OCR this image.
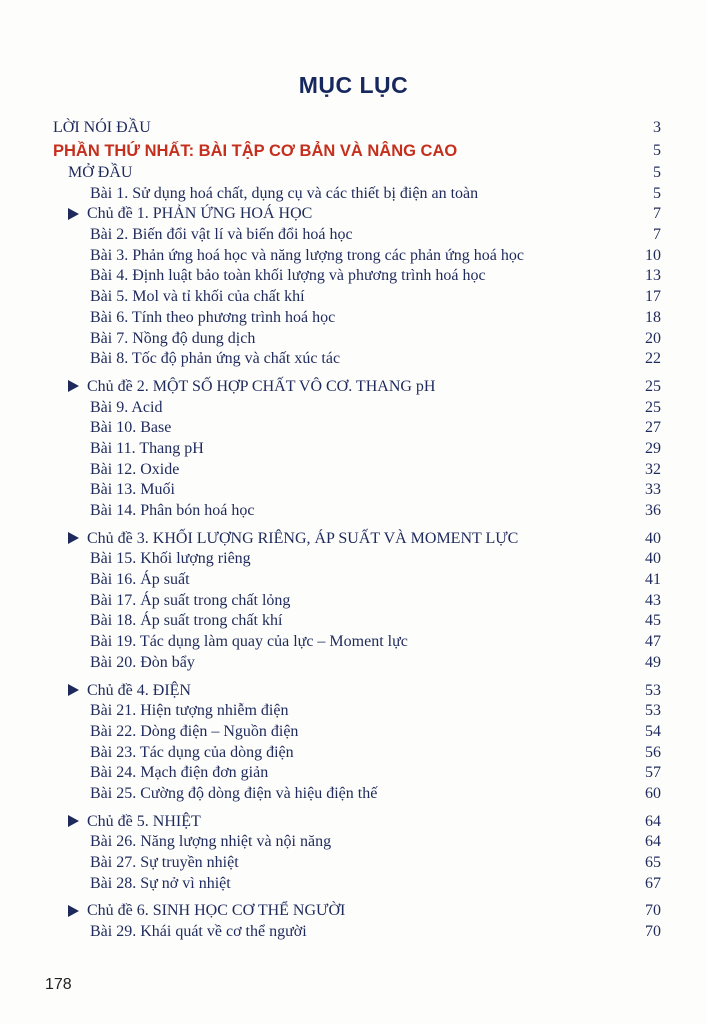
MỤC LỤC
LỜI NÓI ĐẦU	3
PHẦN THỨ NHẤT: BÀI TẬP CƠ BẢN VÀ NÂNG CAO	5
MỞ ĐẦU	5
Bài 1. Sử dụng hoá chất, dụng cụ và các thiết bị điện an toàn	5
Chủ đề 1. PHẢN ỨNG HOÁ HỌC	7
Bài 2. Biến đổi vật lí và biến đổi hoá học	7
Bài 3. Phản ứng hoá học và năng lượng trong các phản ứng hoá học	10
Bài 4. Định luật bảo toàn khối lượng và phương trình hoá học	13
Bài 5. Mol và tỉ khối của chất khí	17
Bài 6. Tính theo phương trình hoá học	18
Bài 7. Nồng độ dung dịch	20
Bài 8. Tốc độ phản ứng và chất xúc tác	22
Chủ đề 2. MỘT SỐ HỢP CHẤT VÔ CƠ. THANG pH	25
Bài 9. Acid	25
Bài 10. Base	27
Bài 11. Thang pH	29
Bài 12. Oxide	32
Bài 13. Muối	33
Bài 14. Phân bón hoá học	36
Chủ đề 3. KHỐI LƯỢNG RIÊNG, ÁP SUẤT VÀ MOMENT LỰC	40
Bài 15. Khối lượng riêng	40
Bài 16. Áp suất	41
Bài 17. Áp suất trong chất lỏng	43
Bài 18. Áp suất trong chất khí	45
Bài 19. Tác dụng làm quay của lực – Moment lực	47
Bài 20. Đòn bẩy	49
Chủ đề 4. ĐIỆN	53
Bài 21. Hiện tượng nhiễm điện	53
Bài 22. Dòng điện – Nguồn điện	54
Bài 23. Tác dụng của dòng điện	56
Bài 24. Mạch điện đơn giản	57
Bài 25. Cường độ dòng điện và hiệu điện thế	60
Chủ đề 5. NHIỆT	64
Bài 26. Năng lượng nhiệt và nội năng	64
Bài 27. Sự truyền nhiệt	65
Bài 28. Sự nở vì nhiệt	67
Chủ đề 6. SINH HỌC CƠ THỂ NGƯỜI	70
Bài 29. Khái quát về cơ thể người	70
178
